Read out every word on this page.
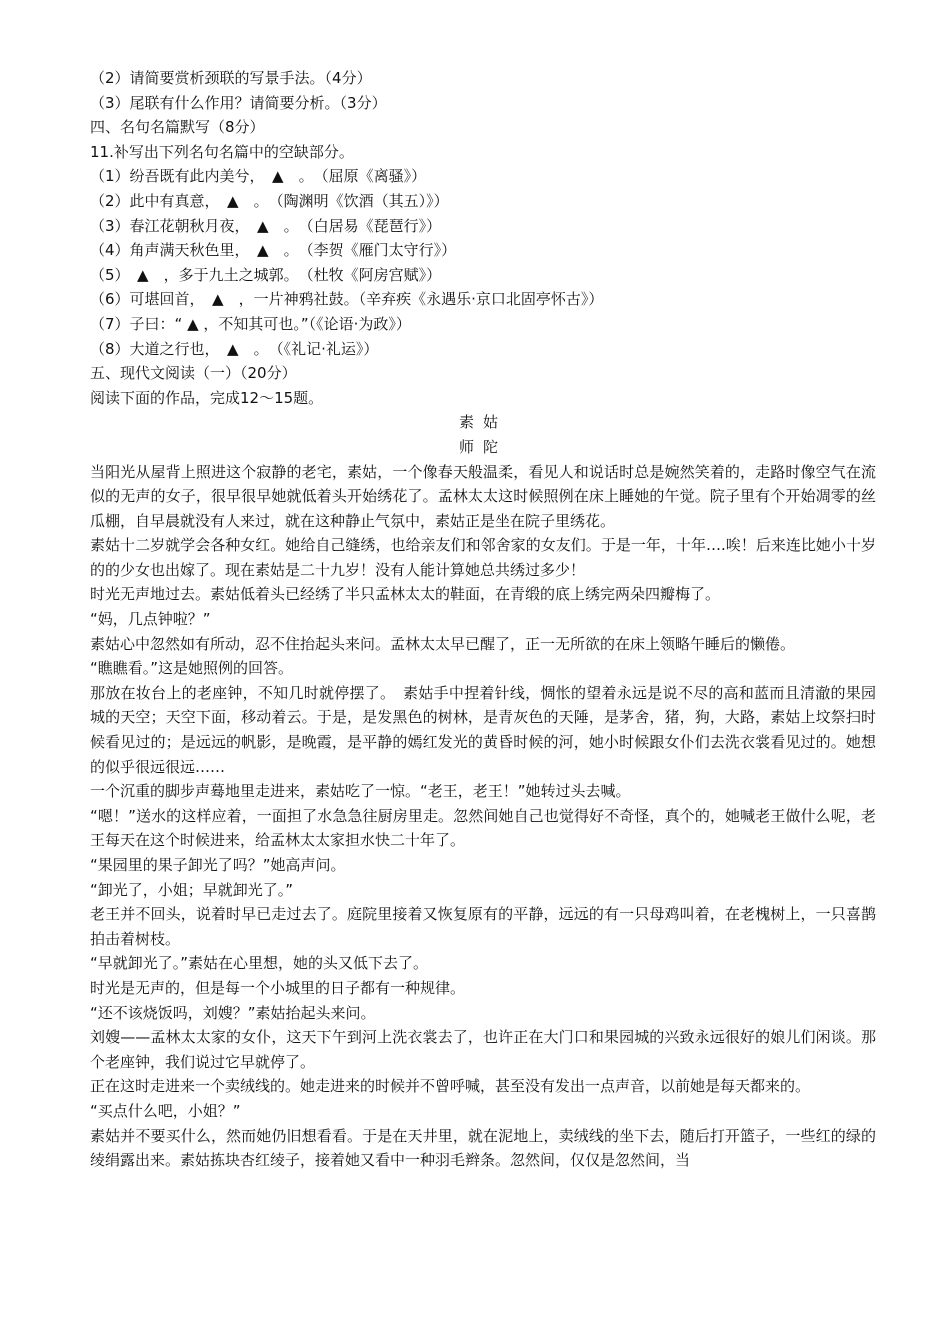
（2）请简要赏析颈联的写景手法。（4分）
（3）尾联有什么作用？请简要分析。（3分）
四、名句名篇默写（8分）
11.补写出下列名句名篇中的空缺部分。
（1）纷吾既有此内美兮，　▲　。　（屈原《离骚》）
（2）此中有真意，　▲　。　（陶渊明《饮酒（其五）》）
（3）春江花朝秋月夜，　▲　。　（白居易《琵琶行》）
（4）角声满天秋色里，　▲　。　（李贺《雁门太守行》）
（5）　▲　，多于九土之城郭。　（杜牧《阿房宫赋》）
（6）可堪回首，　▲　，一片神鸦社鼓。（辛弃疾《永遇乐·京口北固亭怀古》）
（7）子曰：“ ▲ ，不知其可也。”（《论语·为政》）
（8）大道之行也，　▲　。　（《礼记·礼运》）
五、现代文阅读（一）（20分）
阅读下面的作品，完成12～15题。
素姑
师陀
当阳光从屋背上照进这个寂静的老宅，素姑，一个像春天般温柔，看见人和说话时总是婉然笑着的，走路时像空气在流似的无声的女子，很早很早她就低着头开始绣花了。孟林太太这时候照例在床上睡她的午觉。院子里有个开始凋零的丝瓜棚，自早晨就没有人来过，就在这种静止气氛中，素姑正是坐在院子里绣花。
素姑十二岁就学会各种女红。她给自己缝绣，也给亲友们和邻舍家的女友们。于是一年，十年….唉！后来连比她小十岁的的少女也出嫁了。现在素姑是二十九岁！没有人能计算她总共绣过多少！
时光无声地过去。素姑低着头已经绣了半只孟林太太的鞋面，在青缎的底上绣完两朵四瓣梅了。
“妈，几点钟啦？”
素姑心中忽然如有所动，忍不住抬起头来问。孟林太太早已醒了，正一无所欲的在床上领略午睡后的懒倦。
“瞧瞧看。”这是她照例的回答。
那放在妆台上的老座钟，不知几时就停摆了。　素姑手中捏着针线，惆怅的望着永远是说不尽的高和蓝而且清澈的果园城的天空；天空下面，移动着云。于是，是发黑色的树林，是青灰色的天陲，是茅舍，猪，狗，大路，素姑上坟祭扫时候看见过的；是远远的帆影，是晚霞，是平静的嫣红发光的黄昏时候的河，她小时候跟女仆们去洗衣裳看见过的。她想的似乎很远很远……
一个沉重的脚步声蓦地里走进来，素姑吃了一惊。“老王，老王！”她转过头去喊。
“嗯！”送水的这样应着，一面担了水急急往厨房里走。忽然间她自己也觉得好不奇怪，真个的，她喊老王做什么呢，老王每天在这个时候进来，给孟林太太家担水快二十年了。
“果园里的果子卸光了吗？”她高声问。
“卸光了，小姐；早就卸光了。”
老王并不回头，说着时早已走过去了。庭院里接着又恢复原有的平静，远远的有一只母鸡叫着，在老槐树上，一只喜鹊拍击着树枝。
“早就卸光了。”素姑在心里想，她的头又低下去了。
时光是无声的，但是每一个小城里的日子都有一种规律。
“还不该烧饭吗，刘嫂？”素姑抬起头来问。
刘嫂——孟林太太家的女仆，这天下午到河上洗衣裳去了，也许正在大门口和果园城的兴致永远很好的娘儿们闲谈。那个老座钟，我们说过它早就停了。
正在这时走进来一个卖绒线的。她走进来的时候并不曾呼喊，甚至没有发出一点声音，以前她是每天都来的。
“买点什么吧，小姐？”
素姑并不要买什么，然而她仍旧想看看。于是在天井里，就在泥地上，卖绒线的坐下去，随后打开篮子，一些红的绿的绫绢露出来。素姑拣块杏红绫子，接着她又看中一种羽毛辫条。忽然间，仅仅是忽然间，当
